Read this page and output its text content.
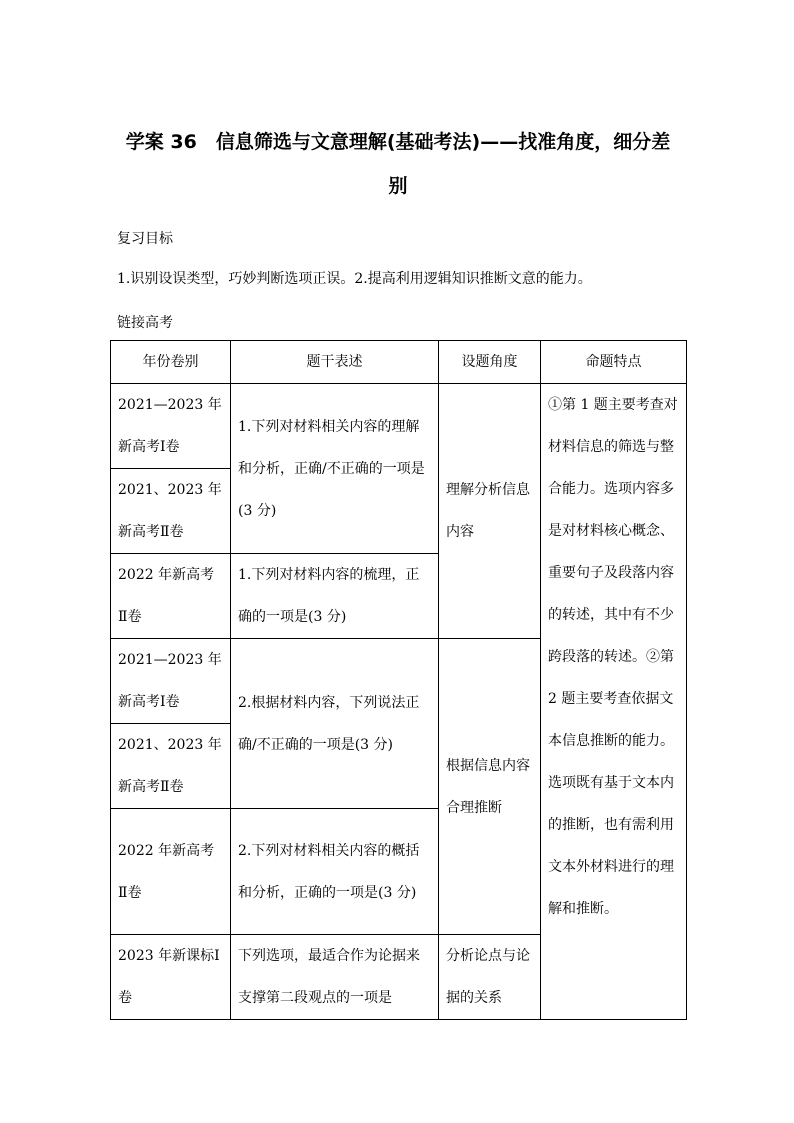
学案 36　信息筛选与文意理解(基础考法)——找准角度，细分差
别
复习目标
1.识别设误类型，巧妙判断选项正误。2.提高利用逻辑知识推断文意的能力。
链接高考
年份卷别	题干表述	设题角度	命题特点
2021—2023 年新高考Ⅰ卷	1.下列对材料相关内容的理解和分析，正确/不正确的一项是(3 分)	理解分析信息内容	①第 1 题主要考查对材料信息的筛选与整合能力。选项内容多是对材料核心概念、重要句子及段落内容的转述，其中有不少跨段落的转述。②第 2 题主要考查依据文本信息推断的能力。选项既有基于文本内的推断，也有需利用文本外材料进行的理解和推断。
2021、2023 年新高考Ⅱ卷			
2022 年新高考Ⅱ卷	1.下列对材料内容的梳理，正确的一项是(3 分)		
2021—2023 年新高考Ⅰ卷	2.根据材料内容，下列说法正确/不正确的一项是(3 分)	根据信息内容合理推断	
2021、2023 年新高考Ⅱ卷			
2022 年新高考Ⅱ卷	2.下列对材料相关内容的概括和分析，正确的一项是(3 分)		
2023 年新课标Ⅰ卷	下列选项，最适合作为论据来支撑第二段观点的一项是	分析论点与论据的关系	
